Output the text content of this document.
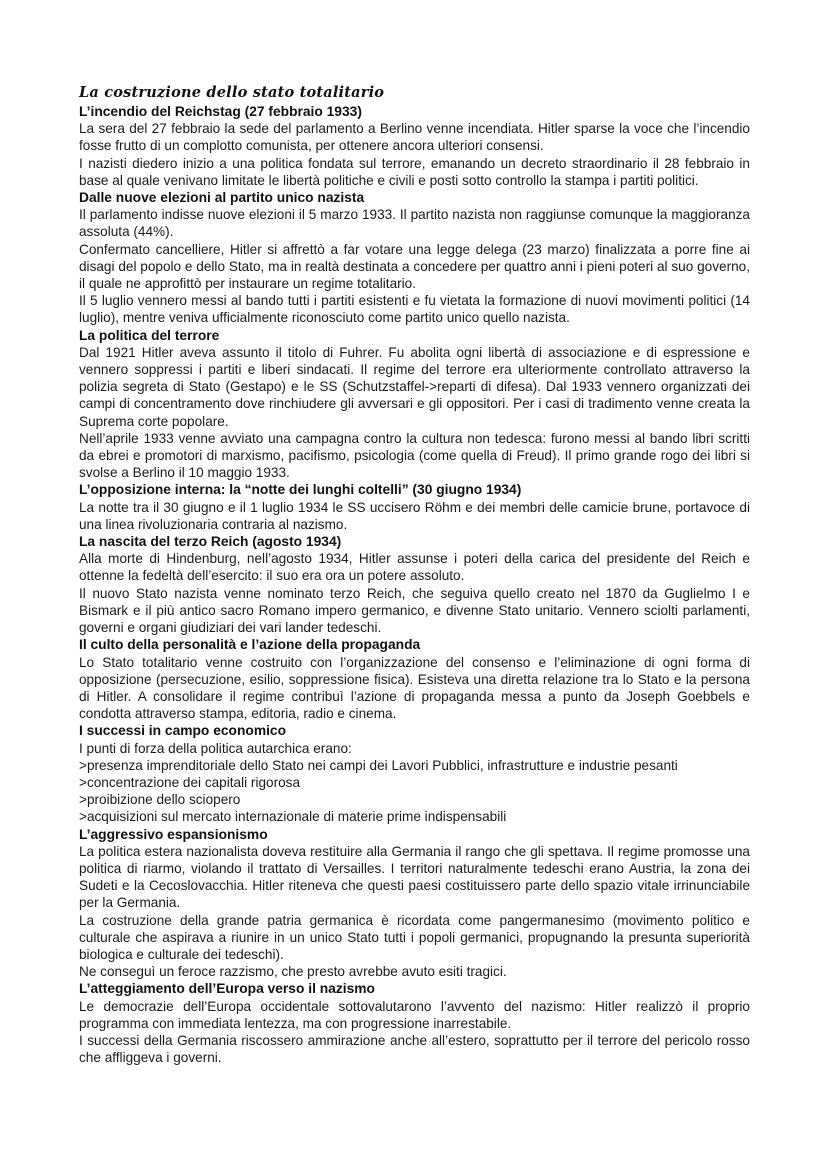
La costruzione dello stato totalitario
L’incendio del Reichstag (27 febbraio 1933)

La sera del 27 febbraio la sede del parlamento a Berlino venne incendiata. Hitler sparse la voce che l’incendio fosse frutto di un complotto comunista, per ottenere ancora ulteriori consensi.

I nazisti diedero inizio a una politica fondata sul terrore, emanando un decreto straordinario il 28 febbraio in base al quale venivano limitate le libertà politiche e civili e posti sotto controllo la stampa i partiti politici.

Dalle nuove elezioni al partito unico nazista

Il parlamento indisse nuove elezioni il 5 marzo 1933. Il partito nazista non raggiunse comunque la maggioranza assoluta (44%).

Confermato cancelliere, Hitler si affrettò a far votare una legge delega (23 marzo) finalizzata a porre fine ai disagi del popolo e dello Stato, ma in realtà destinata a concedere per quattro anni i pieni poteri al suo governo, il quale ne approfittò per instaurare un regime totalitario.

Il 5 luglio vennero messi al bando tutti i partiti esistenti e fu vietata la formazione di nuovi movimenti politici (14 luglio), mentre veniva ufficialmente riconosciuto come partito unico quello nazista.

La politica del terrore

Dal 1921 Hitler aveva assunto il titolo di Fuhrer. Fu abolita ogni libertà di associazione e di espressione e vennero soppressi i partiti e liberi sindacati. Il regime del terrore era ulteriormente controllato attraverso la polizia segreta di Stato (Gestapo) e le SS (Schutzstaffel->reparti di difesa). Dal 1933 vennero organizzati dei campi di concentramento dove rinchiudere gli avversari e gli oppositori. Per i casi di tradimento venne creata la Suprema corte popolare.

Nell’aprile 1933 venne avviato una campagna contro la cultura non tedesca: furono messi al bando libri scritti da ebrei e promotori di marxismo, pacifismo, psicologia (come quella di Freud). Il primo grande rogo dei libri si svolse a Berlino il 10 maggio 1933.

L’opposizione interna: la “notte dei lunghi coltelli” (30 giugno 1934)

La notte tra il 30 giugno e il 1 luglio 1934 le SS uccisero Röhm e dei membri delle camicie brune, portavoce di una linea rivoluzionaria contraria al nazismo.

La nascita del terzo Reich (agosto 1934)

Alla morte di Hindenburg, nell’agosto 1934, Hitler assunse i poteri della carica del presidente del Reich e ottenne la fedeltà dell’esercito: il suo era ora un potere assoluto.

Il nuovo Stato nazista venne nominato terzo Reich, che seguiva quello creato nel 1870 da Guglielmo I e Bismark e il più antico sacro Romano impero germanico, e divenne Stato unitario. Vennero sciolti parlamenti, governi e organi giudiziari dei vari lander tedeschi.

Il culto della personalità e l’azione della propaganda

Lo Stato totalitario venne costruito con l’organizzazione del consenso e l’eliminazione di ogni forma di opposizione (persecuzione, esilio, soppressione fisica). Esisteva una diretta relazione tra lo Stato e la persona di Hitler. A consolidare il regime contribuì l’azione di propaganda messa a punto da Joseph Goebbels e condotta attraverso stampa, editoria, radio e cinema.

I successi in campo economico

I punti di forza della politica autarchica erano:

>presenza imprenditoriale dello Stato nei campi dei Lavori Pubblici, infrastrutture e industrie pesanti

>concentrazione dei capitali rigorosa

>proibizione dello sciopero

>acquisizioni sul mercato internazionale di materie prime indispensabili

L’aggressivo espansionismo

La politica estera nazionalista doveva restituire alla Germania il rango che gli spettava. Il regime promosse una politica di riarmo, violando il trattato di Versailles. I territori naturalmente tedeschi erano Austria, la zona dei Sudeti e la Cecoslovacchia. Hitler riteneva che questi paesi costituissero parte dello spazio vitale irrinunciabile per la Germania.

La costruzione della grande patria germanica è ricordata come pangermanesimo (movimento politico e culturale che aspirava a riunire in un unico Stato tutti i popoli germanici, propugnando la presunta superiorità biologica e culturale dei tedeschi).

Ne conseguì un feroce razzismo, che presto avrebbe avuto esiti tragici.

L’atteggiamento dell’Europa verso il nazismo

Le democrazie dell’Europa occidentale sottovalutarono l’avvento del nazismo: Hitler realizzò il proprio programma con immediata lentezza, ma con progressione inarrestabile.

I successi della Germania riscossero ammirazione anche all’estero, soprattutto per il terrore del pericolo rosso che affliggeva i governi.
